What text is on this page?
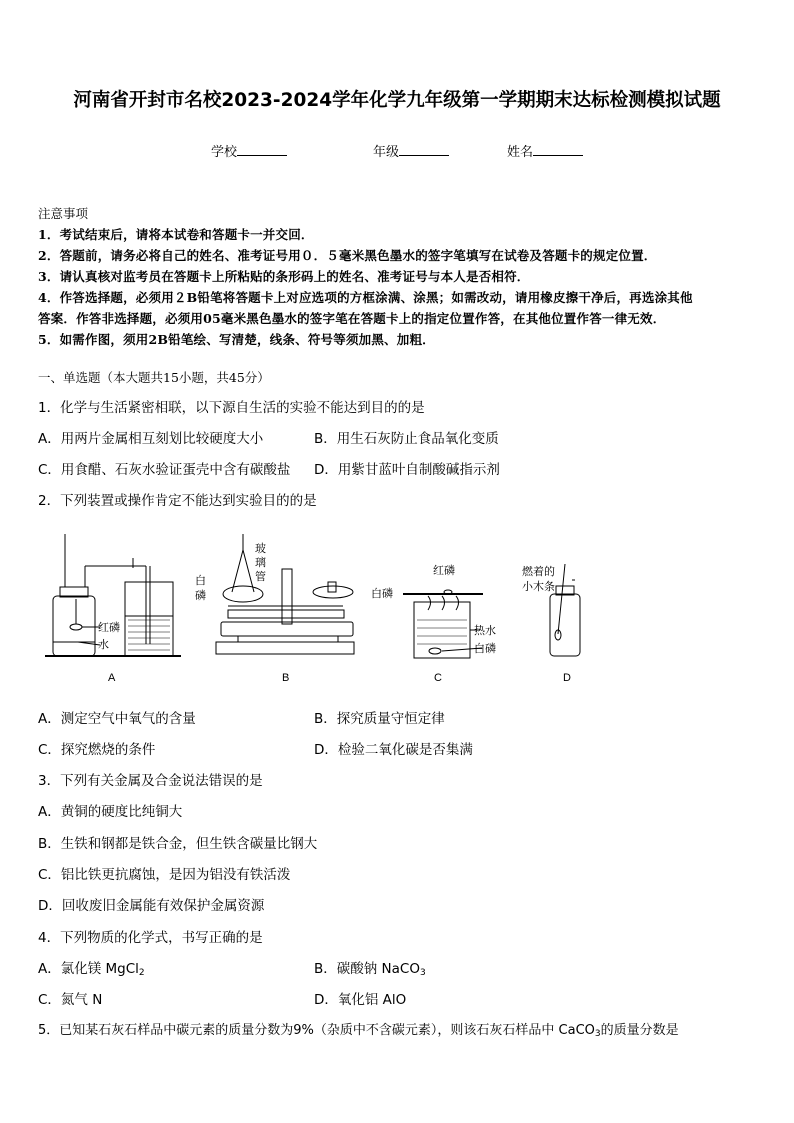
河南省开封市名校2023-2024学年化学九年级第一学期期末达标检测模拟试题
学校	年级	姓名
注意事项
1．考试结束后，请将本试卷和答题卡一并交回．
2．答题前，请务必将自己的姓名、准考证号用０．５毫米黑色墨水的签字笔填写在试卷及答题卡的规定位置．
3．请认真核对监考员在答题卡上所粘贴的条形码上的姓名、准考证号与本人是否相符．
4．作答选择题，必须用２B铅笔将答题卡上对应选项的方框涂满、涂黑；如需改动，请用橡皮擦干净后，再选涂其他
答案．作答非选择题，必须用05毫米黑色墨水的签字笔在答题卡上的指定位置作答，在其他位置作答一律无效．
5．如需作图，须用2B铅笔绘、写清楚，线条、符号等须加黑、加粗．
一、单选题（本大题共15小题，共45分）
1．化学与生活紧密相联，以下源自生活的实验不能达到目的的是
A．用两片金属相互刻划比较硬度大小	B．用生石灰防止食品氧化变质
C．用食醋、石灰水验证蛋壳中含有碳酸盐 D．用紫甘蓝叶自制酸碱指示剂
2．下列装置或操作肯定不能达到实验目的的是
红磷
水
白
磷
玻
璃
管	红磷
白磷
热水
白磷
燃着的
小木条
A	B	C	D
A．测定空气中氧气的含量	B．探究质量守恒定律
C．探究燃烧的条件	D．检验二氧化碳是否集满
3．下列有关金属及合金说法错误的是
A．黄铜的硬度比纯铜大
B．生铁和钢都是铁合金，但生铁含碳量比钢大
C．铝比铁更抗腐蚀，是因为铝没有铁活泼
D．回收废旧金属能有效保护金属资源
4．下列物质的化学式，书写正确的是
A．氯化镁 MgCl$_2$	B．碳酸钠 NaCO$_3$
C．氮气 N	D．氧化铝 AlO
5．已知某石灰石样品中碳元素的质量分数为9%（杂质中不含碳元素），则该石灰石样品中 CaCO$_3$的质量分数是
